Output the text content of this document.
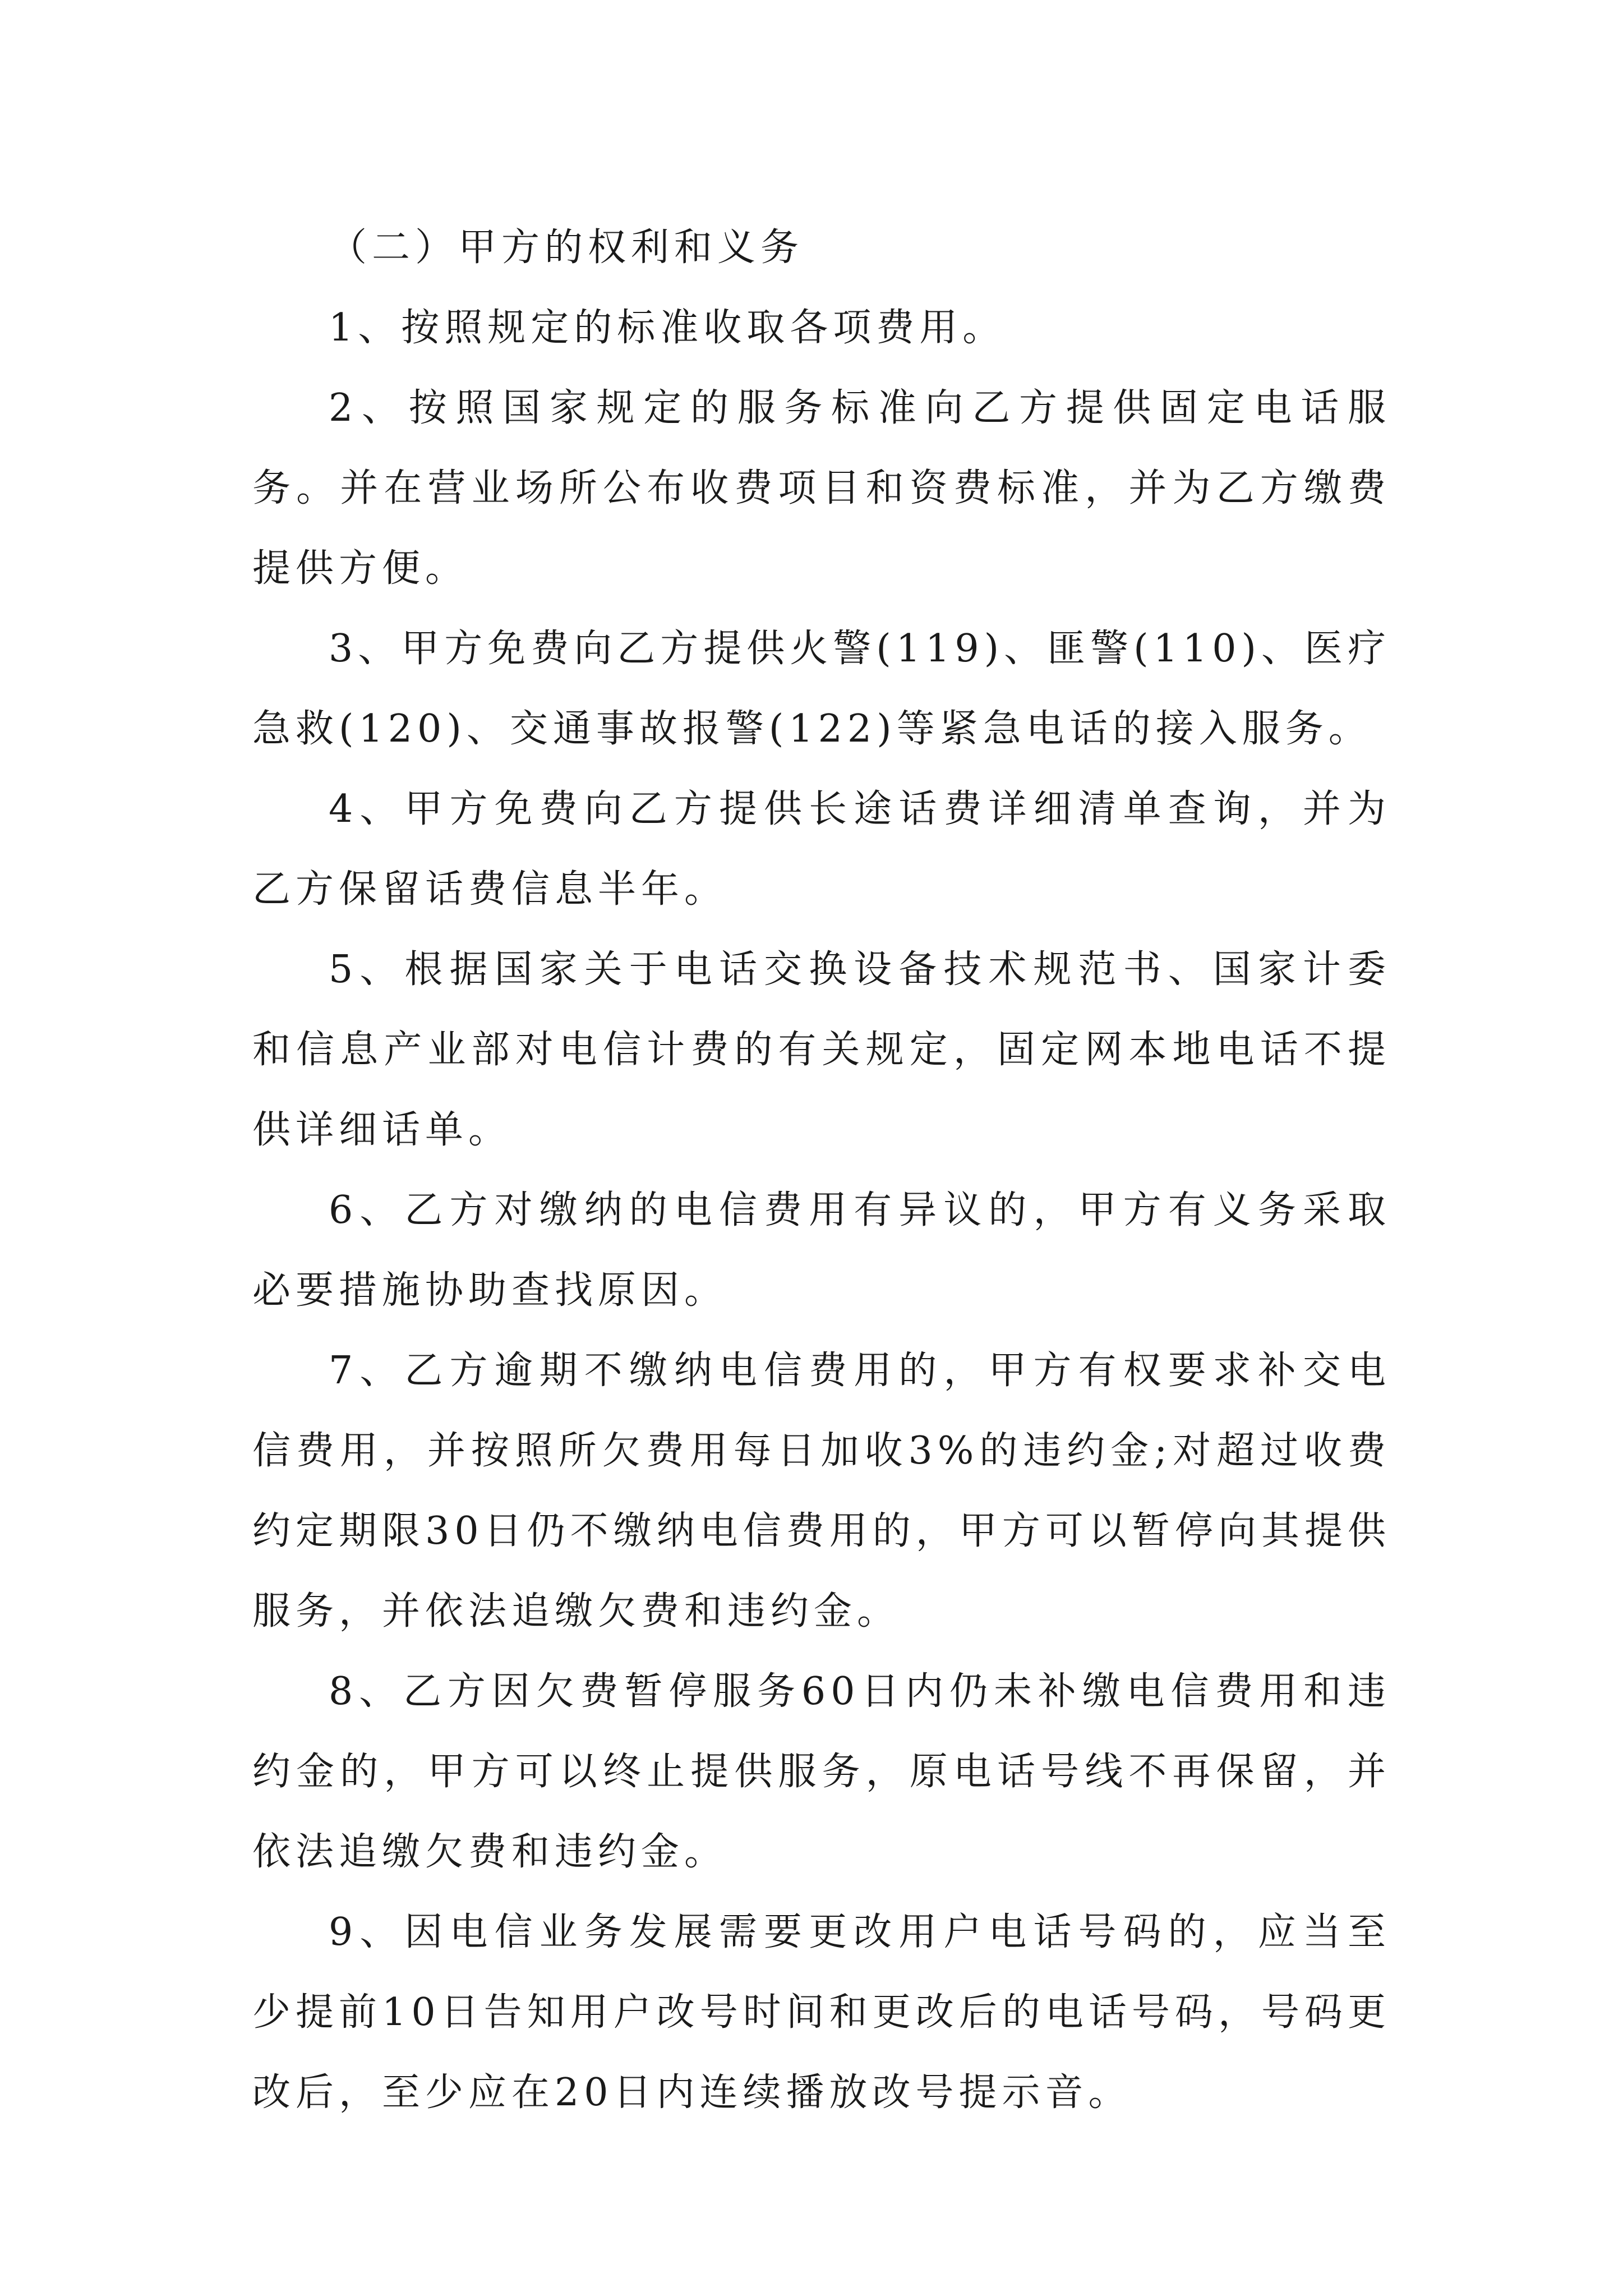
（二）甲方的权利和义务

1、按照规定的标准收取各项费用。

2、按照国家规定的服务标准向乙方提供固定电话服务。并在营业场所公布收费项目和资费标准，并为乙方缴费提供方便。

3、甲方免费向乙方提供火警(119)、匪警(110)、医疗急救(120)、交通事故报警(122)等紧急电话的接入服务。

4、甲方免费向乙方提供长途话费详细清单查询，并为乙方保留话费信息半年。

5、根据国家关于电话交换设备技术规范书、国家计委和信息产业部对电信计费的有关规定，固定网本地电话不提供详细话单。

6、乙方对缴纳的电信费用有异议的，甲方有义务采取必要措施协助查找原因。

7、乙方逾期不缴纳电信费用的，甲方有权要求补交电信费用，并按照所欠费用每日加收3%的违约金;对超过收费约定期限30日仍不缴纳电信费用的，甲方可以暂停向其提供服务，并依法追缴欠费和违约金。

8、乙方因欠费暂停服务60日内仍未补缴电信费用和违约金的，甲方可以终止提供服务，原电话号线不再保留，并依法追缴欠费和违约金。

9、因电信业务发展需要更改用户电话号码的，应当至少提前10日告知用户改号时间和更改后的电话号码，号码更改后，至少应在20日内连续播放改号提示音。
